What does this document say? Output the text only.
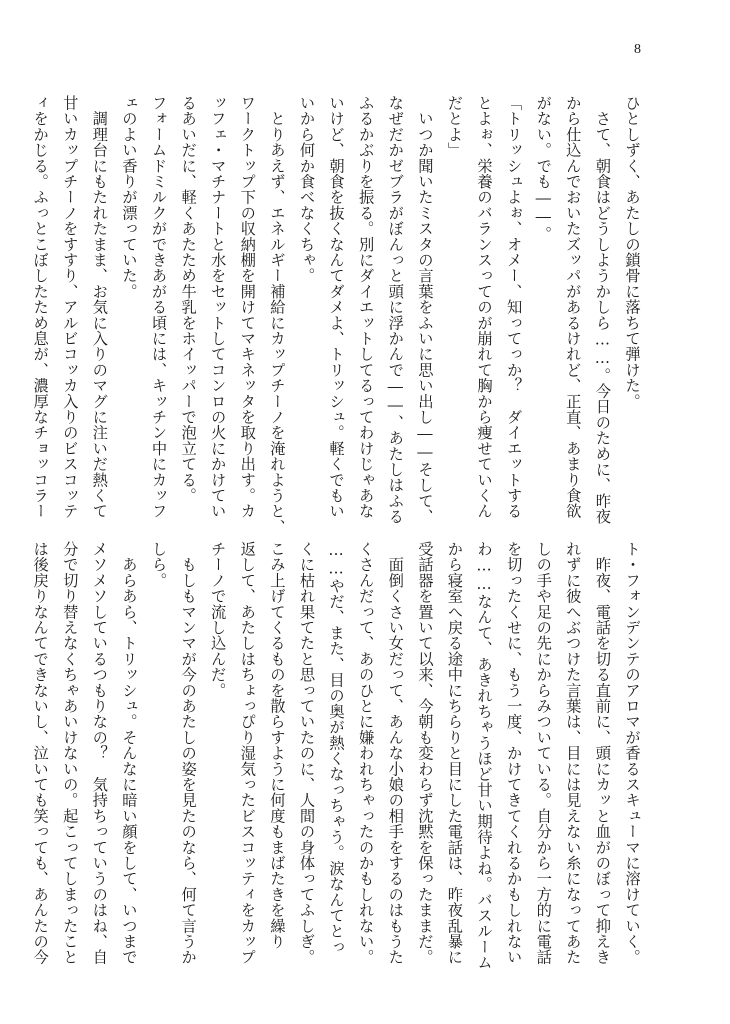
8
ひとしずく、あたしの鎖骨に落ちて弾けた。
　さて、朝食はどうしようかしら……。今日のために、昨夜
から仕込んでおいたズッパがあるけれど、正直、あまり食欲
がない。でも――。
「トリッシュよぉ、オメー、知ってっか？　ダイエットする
とよぉ、栄養のバランスってのが崩れて胸から痩せていくん
だとよ」
　いつか聞いたミスタの言葉をふいに思い出し――そして、
なぜだかゼブラがぼんっと頭に浮かんで――、あたしはふる
ふるかぶりを振る。別にダイエットしてるってわけじゃあな
いけど、朝食を抜くなんてダメよ、トリッシュ。軽くでもい
いから何か食べなくちゃ。
　とりあえず、エネルギー補給にカップチーノを淹れようと、
ワークトップ下の収納棚を開けてマキネッタを取り出す。カ
ッフェ・マチナートと水をセットしてコンロの火にかけてい
るあいだに、軽くあたため牛乳をホイッパーで泡立てる。
フォームドミルクができあがる頃には、キッチン中にカッフ
ェのよい香りが漂っていた。
　調理台にもたれたまま、お気に入りのマグに注いだ熱くて
甘いカップチーノをすすり、アルビコッカ入りのビスコッテ
ィをかじる。ふっとこぼしたため息が、濃厚なチョッコラー
ト・フォンデンテのアロマが香るスキューマに溶けていく。
　昨夜、電話を切る直前に、頭にカッと血がのぼって抑えき
れずに彼へぶつけた言葉は、目には見えない糸になってあた
しの手や足の先にからみついている。自分から一方的に電話
を切ったくせに、もう一度、かけてきてくれるかもしれない
わ……なんて、あきれちゃうほど甘い期待よね。バスルーム
から寝室へ戻る途中にちらりと目にした電話は、昨夜乱暴に
受話器を置いて以来、今朝も変わらず沈黙を保ったままだ。
　面倒くさい女だって、あんな小娘の相手をするのはもうた
くさんだって、あのひとに嫌われちゃったのかもしれない。
……やだ、また、目の奥が熱くなっちゃう。涙なんてとっ
くに枯れ果てたと思っていたのに、人間の身体ってふしぎ。
こみ上げてくるものを散らすように何度もまばたきを繰り
返して、あたしはちょっぴり湿気ったビスコッティをカップ
チーノで流し込んだ。
　もしもマンマが今のあたしの姿を見たのなら、何て言うか
しら。
　あらあら、トリッシュ。そんなに暗い顔をして、いつまで
メソメソしているつもりなの？　気持ちっていうのはね、自
分で切り替えなくちゃあいけないの。起こってしまったこと
は後戻りなんてできないし、泣いても笑っても、あんたの今
